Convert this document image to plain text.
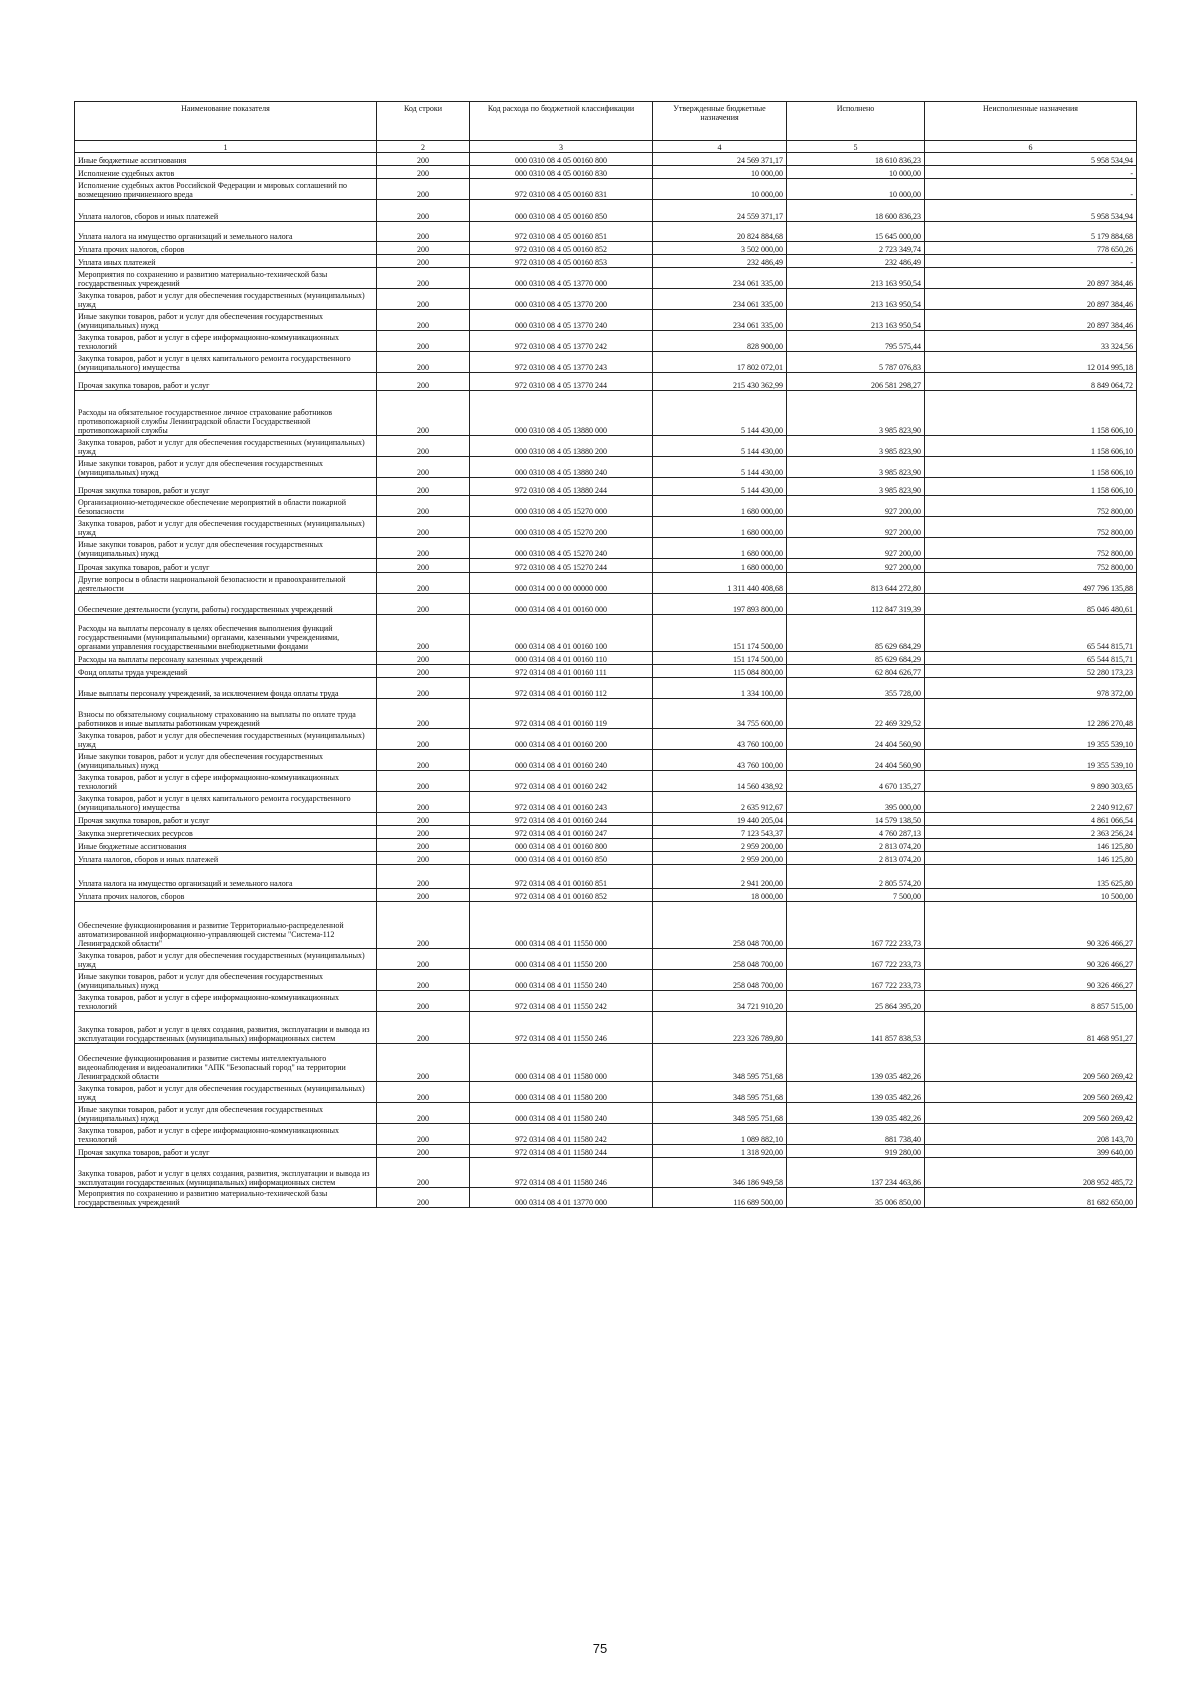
Наименование показателя	Код строки	Код расхода по бюджетной классификации	Утвержденные бюджетные назначения	Исполнено	Неисполненные назначения
1	2	3	4	5	6
Иные бюджетные ассигнования	200	000 0310 08 4 05 00160 800	24 569 371,17	18 610 836,23	5 958 534,94
Исполнение судебных актов	200	000 0310 08 4 05 00160 830	10 000,00	10 000,00	-
Исполнение судебных актов Российской Федерации и мировых соглашений по возмещению причиненного вреда	200	972 0310 08 4 05 00160 831	10 000,00	10 000,00	-
Уплата налогов, сборов и иных платежей	200	000 0310 08 4 05 00160 850	24 559 371,17	18 600 836,23	5 958 534,94
Уплата налога на имущество организаций и земельного налога	200	972 0310 08 4 05 00160 851	20 824 884,68	15 645 000,00	5 179 884,68
Уплата прочих налогов, сборов	200	972 0310 08 4 05 00160 852	3 502 000,00	2 723 349,74	778 650,26
Уплата иных платежей	200	972 0310 08 4 05 00160 853	232 486,49	232 486,49	-
Мероприятия по сохранению и развитию материально-технической базы государственных учреждений	200	000 0310 08 4 05 13770 000	234 061 335,00	213 163 950,54	20 897 384,46
Закупка товаров, работ и услуг для обеспечения государственных (муниципальных) нужд	200	000 0310 08 4 05 13770 200	234 061 335,00	213 163 950,54	20 897 384,46
Иные закупки товаров, работ и услуг для обеспечения государственных (муниципальных) нужд	200	000 0310 08 4 05 13770 240	234 061 335,00	213 163 950,54	20 897 384,46
Закупка товаров, работ и услуг в сфере информационно-коммуникационных технологий	200	972 0310 08 4 05 13770 242	828 900,00	795 575,44	33 324,56
Закупка товаров, работ и услуг в целях капитального ремонта государственного (муниципального) имущества	200	972 0310 08 4 05 13770 243	17 802 072,01	5 787 076,83	12 014 995,18
Прочая закупка товаров, работ и услуг	200	972 0310 08 4 05 13770 244	215 430 362,99	206 581 298,27	8 849 064,72
Расходы на обязательное государственное личное страхование работников противопожарной службы Ленинградской области Государственной противопожарной службы	200	000 0310 08 4 05 13880 000	5 144 430,00	3 985 823,90	1 158 606,10
Закупка товаров, работ и услуг для обеспечения государственных (муниципальных) нужд	200	000 0310 08 4 05 13880 200	5 144 430,00	3 985 823,90	1 158 606,10
Иные закупки товаров, работ и услуг для обеспечения государственных (муниципальных) нужд	200	000 0310 08 4 05 13880 240	5 144 430,00	3 985 823,90	1 158 606,10
Прочая закупка товаров, работ и услуг	200	972 0310 08 4 05 13880 244	5 144 430,00	3 985 823,90	1 158 606,10
Организационно-методическое обеспечение мероприятий в области пожарной безопасности	200	000 0310 08 4 05 15270 000	1 680 000,00	927 200,00	752 800,00
Закупка товаров, работ и услуг для обеспечения государственных (муниципальных) нужд	200	000 0310 08 4 05 15270 200	1 680 000,00	927 200,00	752 800,00
Иные закупки товаров, работ и услуг для обеспечения государственных (муниципальных) нужд	200	000 0310 08 4 05 15270 240	1 680 000,00	927 200,00	752 800,00
Прочая закупка товаров, работ и услуг	200	972 0310 08 4 05 15270 244	1 680 000,00	927 200,00	752 800,00
Другие вопросы в области национальной безопасности и правоохранительной деятельности	200	000 0314 00 0 00 00000 000	1 311 440 408,68	813 644 272,80	497 796 135,88
Обеспечение деятельности (услуги, работы) государственных учреждений	200	000 0314 08 4 01 00160 000	197 893 800,00	112 847 319,39	85 046 480,61
Расходы на выплаты персоналу в целях обеспечения выполнения функций государственными (муниципальными) органами, казенными учреждениями, органами управления государственными внебюджетными фондами	200	000 0314 08 4 01 00160 100	151 174 500,00	85 629 684,29	65 544 815,71
Расходы на выплаты персоналу казенных учреждений	200	000 0314 08 4 01 00160 110	151 174 500,00	85 629 684,29	65 544 815,71
Фонд оплаты труда учреждений	200	972 0314 08 4 01 00160 111	115 084 800,00	62 804 626,77	52 280 173,23
Иные выплаты персоналу учреждений, за исключением фонда оплаты труда	200	972 0314 08 4 01 00160 112	1 334 100,00	355 728,00	978 372,00
Взносы по обязательному социальному страхованию на выплаты по оплате труда работников и иные выплаты работникам учреждений	200	972 0314 08 4 01 00160 119	34 755 600,00	22 469 329,52	12 286 270,48
Закупка товаров, работ и услуг для обеспечения государственных (муниципальных) нужд	200	000 0314 08 4 01 00160 200	43 760 100,00	24 404 560,90	19 355 539,10
Иные закупки товаров, работ и услуг для обеспечения государственных (муниципальных) нужд	200	000 0314 08 4 01 00160 240	43 760 100,00	24 404 560,90	19 355 539,10
Закупка товаров, работ и услуг в сфере информационно-коммуникационных технологий	200	972 0314 08 4 01 00160 242	14 560 438,92	4 670 135,27	9 890 303,65
Закупка товаров, работ и услуг в целях капитального ремонта государственного (муниципального) имущества	200	972 0314 08 4 01 00160 243	2 635 912,67	395 000,00	2 240 912,67
Прочая закупка товаров, работ и услуг	200	972 0314 08 4 01 00160 244	19 440 205,04	14 579 138,50	4 861 066,54
Закупка энергетических ресурсов	200	972 0314 08 4 01 00160 247	7 123 543,37	4 760 287,13	2 363 256,24
Иные бюджетные ассигнования	200	000 0314 08 4 01 00160 800	2 959 200,00	2 813 074,20	146 125,80
Уплата налогов, сборов и иных платежей	200	000 0314 08 4 01 00160 850	2 959 200,00	2 813 074,20	146 125,80
Уплата налога на имущество организаций и земельного налога	200	972 0314 08 4 01 00160 851	2 941 200,00	2 805 574,20	135 625,80
Уплата прочих налогов, сборов	200	972 0314 08 4 01 00160 852	18 000,00	7 500,00	10 500,00
Обеспечение функционирования и развитие Территориально-распределенной автоматизированной информационно-управляющей системы "Система-112 Ленинградской области"	200	000 0314 08 4 01 11550 000	258 048 700,00	167 722 233,73	90 326 466,27
Закупка товаров, работ и услуг для обеспечения государственных (муниципальных) нужд	200	000 0314 08 4 01 11550 200	258 048 700,00	167 722 233,73	90 326 466,27
Иные закупки товаров, работ и услуг для обеспечения государственных (муниципальных) нужд	200	000 0314 08 4 01 11550 240	258 048 700,00	167 722 233,73	90 326 466,27
Закупка товаров, работ и услуг в сфере информационно-коммуникационных технологий	200	972 0314 08 4 01 11550 242	34 721 910,20	25 864 395,20	8 857 515,00
Закупка товаров, работ и услуг в целях создания, развития, эксплуатации и вывода из эксплуатации государственных (муниципальных) информационных систем	200	972 0314 08 4 01 11550 246	223 326 789,80	141 857 838,53	81 468 951,27
Обеспечение функционирования и развитие системы интеллектуального видеонаблюдения и видеоаналитики "АПК "Безопасный город" на территории Ленинградской области	200	000 0314 08 4 01 11580 000	348 595 751,68	139 035 482,26	209 560 269,42
Закупка товаров, работ и услуг для обеспечения государственных (муниципальных) нужд	200	000 0314 08 4 01 11580 200	348 595 751,68	139 035 482,26	209 560 269,42
Иные закупки товаров, работ и услуг для обеспечения государственных (муниципальных) нужд	200	000 0314 08 4 01 11580 240	348 595 751,68	139 035 482,26	209 560 269,42
Закупка товаров, работ и услуг в сфере информационно-коммуникационных технологий	200	972 0314 08 4 01 11580 242	1 089 882,10	881 738,40	208 143,70
Прочая закупка товаров, работ и услуг	200	972 0314 08 4 01 11580 244	1 318 920,00	919 280,00	399 640,00
Закупка товаров, работ и услуг в целях создания, развития, эксплуатации и вывода из эксплуатации государственных (муниципальных) информационных систем	200	972 0314 08 4 01 11580 246	346 186 949,58	137 234 463,86	208 952 485,72
Мероприятия по сохранению и развитию материально-технической базы государственных учреждений	200	000 0314 08 4 01 13770 000	116 689 500,00	35 006 850,00	81 682 650,00
75
